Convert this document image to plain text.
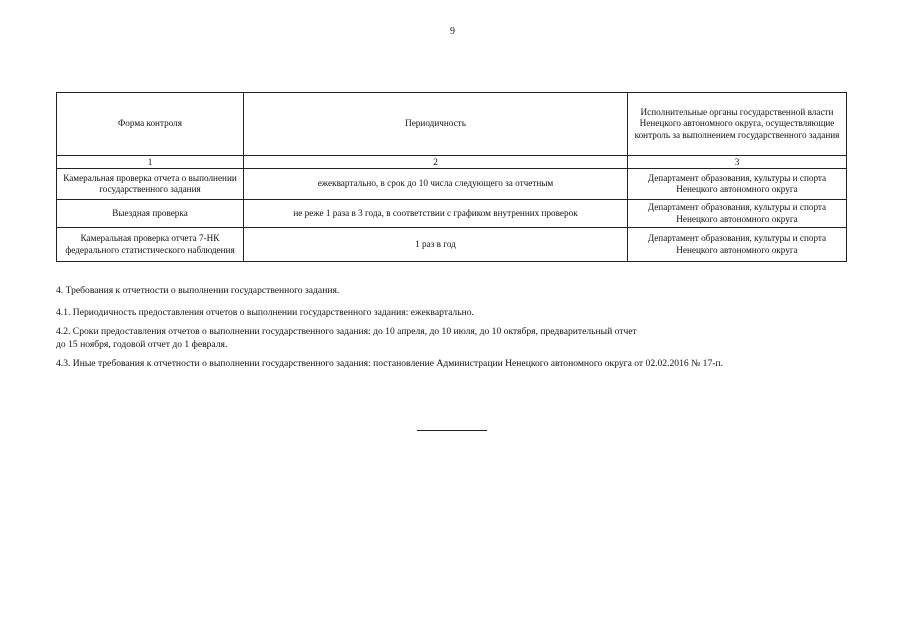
9
Форма контроля	Периодичность	Исполнительные органы государственной власти Ненецкого автономного округа, осуществляющие контроль за выполнением государственного задания
1	2	3
Камеральная проверка отчета о выполнении государственного задания	ежеквартально, в срок до 10 числа следующего за отчетным	Департамент образования, культуры и спорта Ненецкого автономного округа
Выездная проверка	не реже 1 раза в 3 года, в соответствии с графиком внутренних проверок	Департамент образования, культуры и спорта Ненецкого автономного округа
Камеральная проверка отчета 7-НК федерального статистического наблюдения	1 раз в год	Департамент образования, культуры и спорта Ненецкого автономного округа
4. Требования к отчетности о выполнении государственного задания.
4.1. Периодичность предоставления отчетов о выполнении государственного задания: ежеквартально.
4.2. Сроки предоставления отчетов о выполнении государственного задания: до 10 апреля, до 10 июля, до 10 октября, предварительный отчет
до 15 ноября, годовой отчет до 1 февраля.
4.3. Иные требования к отчетности о выполнении государственного задания: постановление Администрации Ненецкого автономного округа от 02.02.2016 № 17-п.
